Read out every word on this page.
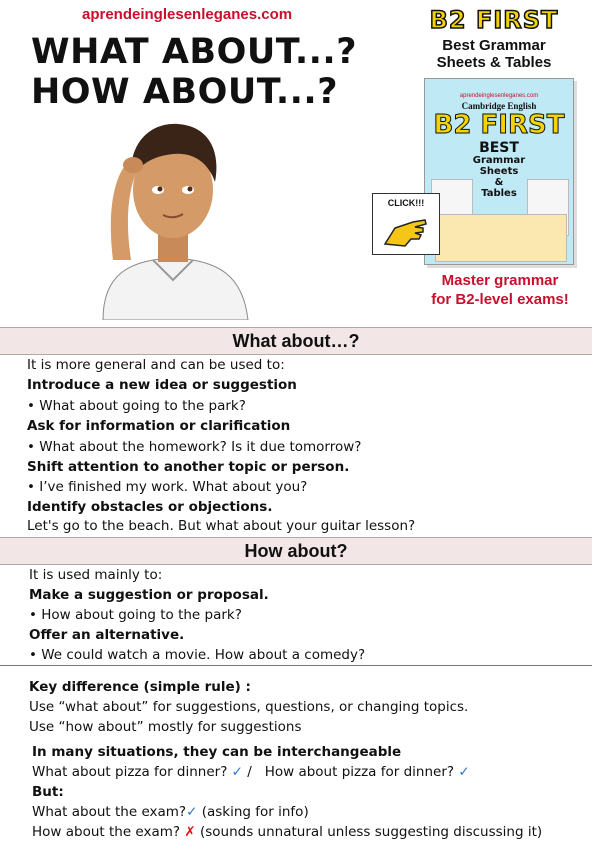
aprendeinglesenleganes.com
WHAT ABOUT...?
HOW ABOUT...?
B2 FIRST
Best Grammar
Sheets & Tables
aprendeinglesenleganes.com
Cambridge English
B2 FIRST
BEST
Grammar
Sheets
&
Tables
CLICK!!!
Master grammar
for B2-level exams!
What about…?
It is more general and can be used to:
Introduce a new idea or suggestion
• What about going to the park?
Ask for information or clarification
• What about the homework? Is it due tomorrow?
Shift attention to another topic or person.
• I’ve finished my work. What about you?
Identify obstacles or objections.
Let's go to the beach. But what about your guitar lesson?
How about?
It is used mainly to:
Make a suggestion or proposal.
• How about going to the park?
Offer an alternative.
• We could watch a movie. How about a comedy?
Key difference (simple rule) :
Use “what about” for suggestions, questions, or changing topics.
Use “how about” mostly for suggestions
In many situations, they can be interchangeable
What about pizza for dinner? ✓ /   How about pizza for dinner? ✓
But:
What about the exam?✓ (asking for info)
How about the exam? ✗ (sounds unnatural unless suggesting discussing it)
